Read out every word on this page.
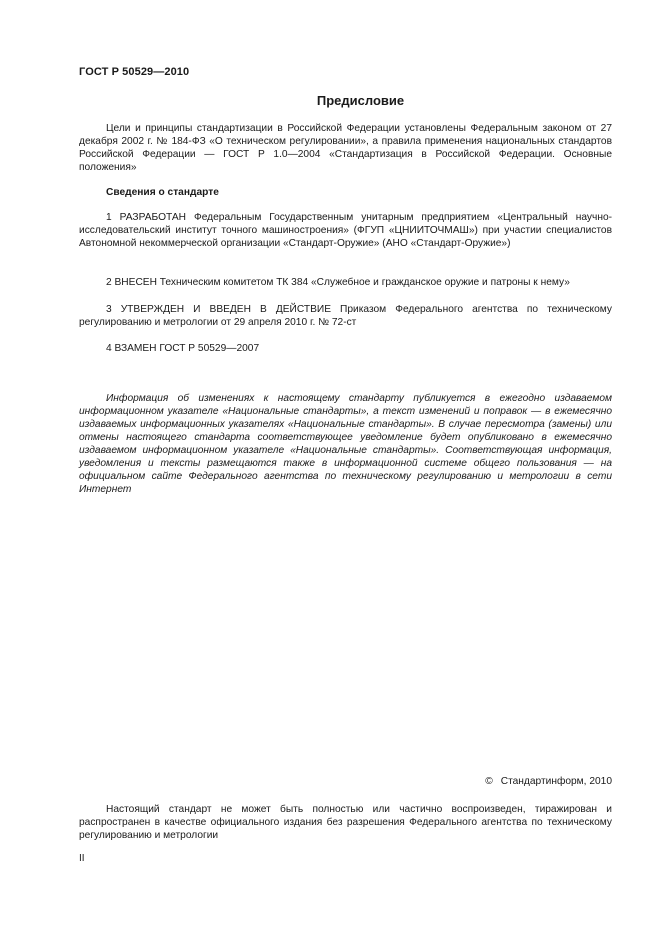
ГОСТ Р 50529—2010
Предисловие

Цели и принципы стандартизации в Российской Федерации установлены Федеральным законом от 27 декабря 2002 г. № 184-ФЗ «О техническом регулировании», а правила применения национальных стандартов Российской Федерации — ГОСТ Р 1.0—2004 «Стандартизация в Российской Федерации. Основные положения»

Сведения о стандарте

1 РАЗРАБОТАН Федеральным Государственным унитарным предприятием «Центральный научно-исследовательский институт точного машиностроения» (ФГУП «ЦНИИТОЧМАШ») при участии специалистов Автономной некоммерческой организации «Стандарт-Оружие» (АНО «Стандарт-Оружие»)

2 ВНЕСЕН Техническим комитетом ТК 384 «Служебное и гражданское оружие и патроны к нему»

3 УТВЕРЖДЕН И ВВЕДЕН В ДЕЙСТВИЕ Приказом Федерального агентства по техническому регулированию и метрологии от 29 апреля 2010 г. № 72-ст

4 ВЗАМЕН ГОСТ Р 50529—2007

Информация об изменениях к настоящему стандарту публикуется в ежегодно издаваемом информационном указателе «Национальные стандарты», а текст изменений и поправок — в ежемесячно издаваемых информационных указателях «Национальные стандарты». В случае пересмотра (замены) или отмены настоящего стандарта соответствующее уведомление будет опубликовано в ежемесячно издаваемом информационном указателе «Национальные стандарты». Соответствующая информация, уведомления и тексты размещаются также в информационной системе общего пользования — на официальном сайте Федерального агентства по техническому регулированию и метрологии в сети Интернет

© Стандартинформ, 2010

Настоящий стандарт не может быть полностью или частично воспроизведен, тиражирован и распространен в качестве официального издания без разрешения Федерального агентства по техническому регулированию и метрологии

II
